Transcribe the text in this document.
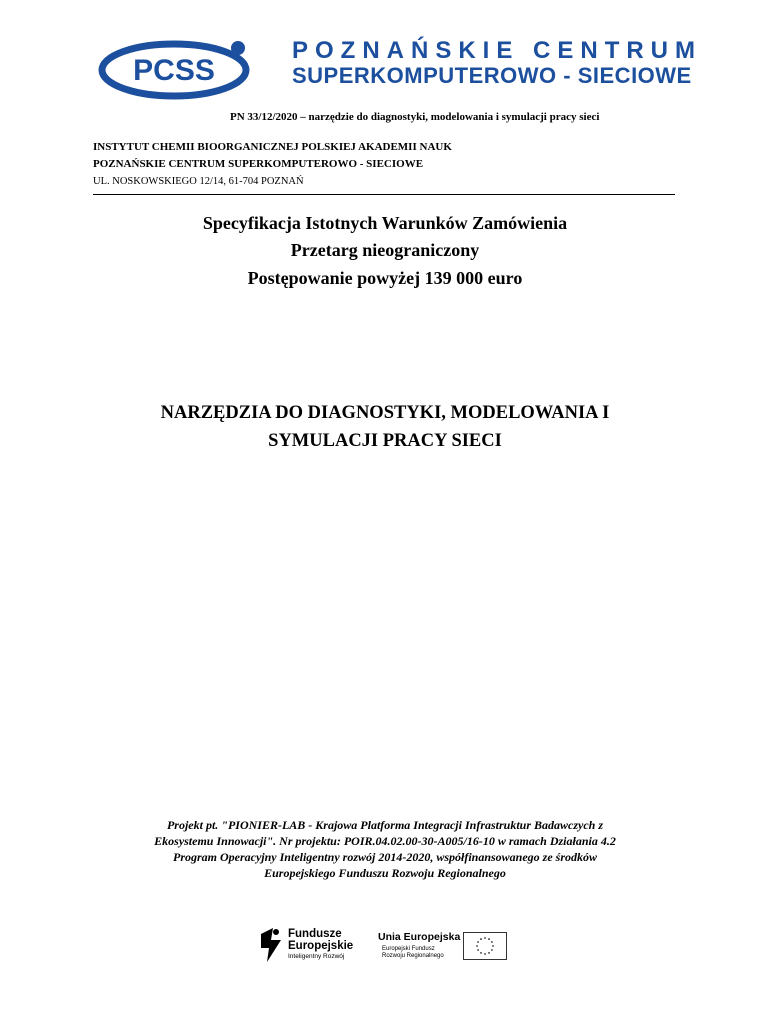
PCSS
POZNAŃSKIE CENTRUM
SUPERKOMPUTEROWO - SIECIOWE
PN 33/12/2020 – narzędzie do diagnostyki, modelowania i symulacji pracy sieci
INSTYTUT CHEMII BIOORGANICZNEJ POLSKIEJ AKADEMII NAUK
POZNAŃSKIE CENTRUM SUPERKOMPUTEROWO - SIECIOWE
UL. NOSKOWSKIEGO 12/14, 61-704 POZNAŃ
Specyfikacja Istotnych Warunków Zamówienia
Przetarg nieograniczony
Postępowanie powyżej 139 000 euro
NARZĘDZIA DO DIAGNOSTYKI, MODELOWANIA I
SYMULACJI PRACY SIECI
Projekt pt. "PIONIER-LAB - Krajowa Platforma Integracji Infrastruktur Badawczych z
Ekosystemu Innowacji". Nr projektu: POIR.04.02.00-30-A005/16-10 w ramach Działania 4.2
Program Operacyjny Inteligentny rozwój 2014-2020, współfinansowanego ze środków
Europejskiego Funduszu Rozwoju Regionalnego
Fundusze
Europejskie
Inteligentny Rozwój
Unia Europejska
Europejski Fundusz
Rozwoju Regionalnego
